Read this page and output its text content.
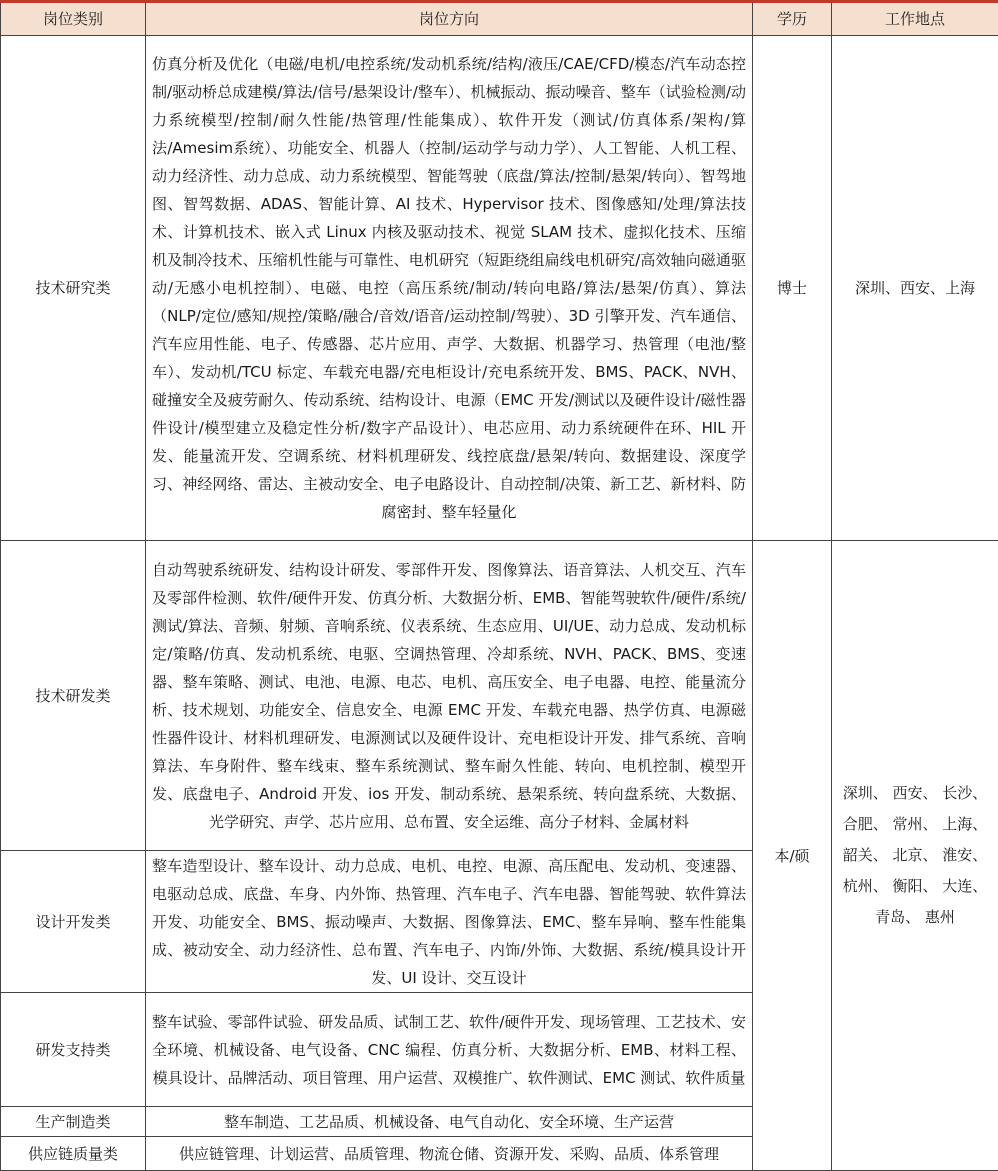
岗位类别	岗位方向	学历	工作地点
技术研究类	仿真分析及优化（电磁/电机/电控系统/发动机系统/结构/液压/CAE/CFD/模态/汽车动态控制/驱动桥总成建模/算法/信号/悬架设计/整车）、机械振动、振动噪音、整车（试验检测/动力系统模型/控制/耐久性能/热管理/性能集成）、软件开发（测试/仿真体系/架构/算法/Amesim系统）、功能安全、机器人（控制/运动学与动力学）、人工智能、人机工程、动力经济性、动力总成、动力系统模型、智能驾驶（底盘/算法/控制/悬架/转向）、智驾地图、智驾数据、ADAS、智能计算、AI 技术、Hypervisor 技术、图像感知/处理/算法技术、计算机技术、嵌入式 Linux 内核及驱动技术、视觉 SLAM 技术、虚拟化技术、压缩机及制冷技术、压缩机性能与可靠性、电机研究（短距绕组扁线电机研究/高效轴向磁通驱动/无感小电机控制）、电磁、电控（高压系统/制动/转向电路/算法/悬架/仿真）、算法（NLP/定位/感知/规控/策略/融合/音效/语音/运动控制/驾驶）、3D 引擎开发、汽车通信、汽车应用性能、电子、传感器、芯片应用、声学、大数据、机器学习、热管理（电池/整车）、发动机/TCU 标定、车载充电器/充电柜设计/充电系统开发、BMS、PACK、NVH、碰撞安全及疲劳耐久、传动系统、结构设计、电源（EMC 开发/测试以及硬件设计/磁性器件设计/模型建立及稳定性分析/数字产品设计）、电芯应用、动力系统硬件在环、HIL 开发、能量流开发、空调系统、材料机理研发、线控底盘/悬架/转向、数据建设、深度学习、神经网络、雷达、主被动安全、电子电路设计、自动控制/决策、新工艺、新材料、防腐密封、整车轻量化	博士	深圳、西安、上海
技术研发类	自动驾驶系统研发、结构设计研发、零部件开发、图像算法、语音算法、人机交互、汽车及零部件检测、软件/硬件开发、仿真分析、大数据分析、EMB、智能驾驶软件/硬件/系统/测试/算法、音频、射频、音响系统、仪表系统、生态应用、UI/UE、动力总成、发动机标定/策略/仿真、发动机系统、电驱、空调热管理、冷却系统、NVH、PACK、BMS、变速器、整车策略、测试、电池、电源、电芯、电机、高压安全、电子电器、电控、能量流分析、技术规划、功能安全、信息安全、电源 EMC 开发、车载充电器、热学仿真、电源磁性器件设计、材料机理研发、电源测试以及硬件设计、充电柜设计开发、排气系统、音响算法、车身附件、整车线束、整车系统测试、整车耐久性能、转向、电机控制、模型开发、底盘电子、Android 开发、ios 开发、制动系统、悬架系统、转向盘系统、大数据、光学研究、声学、芯片应用、总布置、安全运维、高分子材料、金属材料	本/硕	深圳、 西安、 长沙、合肥、 常州、 上海、韶关、 北京、 淮安、杭州、 衡阳、 大连、青岛、 惠州
设计开发类	整车造型设计、整车设计、动力总成、电机、电控、电源、高压配电、发动机、变速器、电驱动总成、底盘、车身、内外饰、热管理、汽车电子、汽车电器、智能驾驶、软件算法开发、功能安全、BMS、振动噪声、大数据、图像算法、EMC、整车异响、整车性能集成、被动安全、动力经济性、总布置、汽车电子、内饰/外饰、大数据、系统/模具设计开发、UI 设计、交互设计		
研发支持类	整车试验、零部件试验、研发品质、试制工艺、软件/硬件开发、现场管理、工艺技术、安全环境、机械设备、电气设备、CNC 编程、仿真分析、大数据分析、EMB、材料工程、模具设计、品牌活动、项目管理、用户运营、双模推广、软件测试、EMC 测试、软件质量		
生产制造类	整车制造、工艺品质、机械设备、电气自动化、安全环境、生产运营		
供应链质量类	供应链管理、计划运营、品质管理、物流仓储、资源开发、采购、品质、体系管理		
